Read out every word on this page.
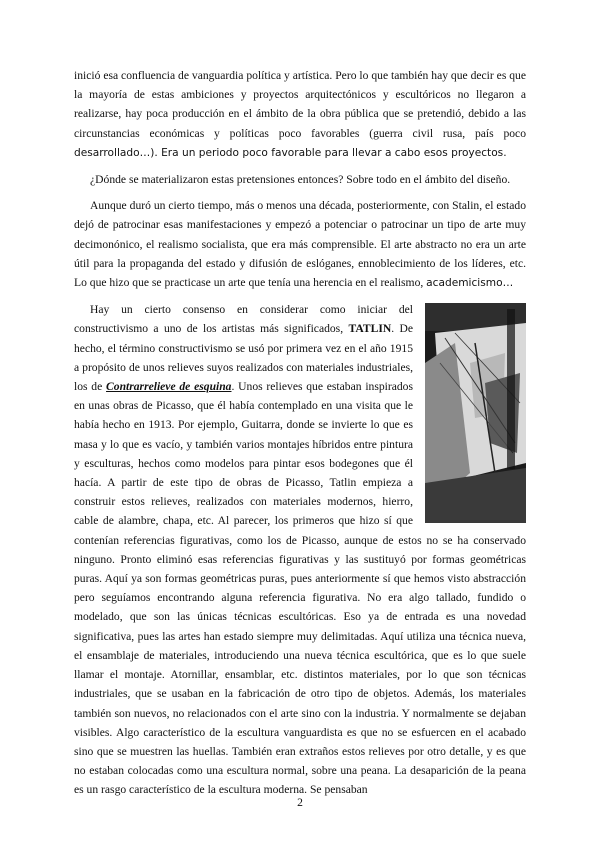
inició esa confluencia de vanguardia política y artística. Pero lo que también hay que decir es que la mayoría de estas ambiciones y proyectos arquitectónicos y escultóricos no llegaron a realizarse, hay poca producción en el ámbito de la obra pública que se pretendió, debido a las circunstancias económicas y políticas poco favorables (guerra civil rusa, país poco desarrollado…). Era un periodo poco favorable para llevar a cabo esos proyectos.

¿Dónde se materializaron estas pretensiones entonces? Sobre todo en el ámbito del diseño.

Aunque duró un cierto tiempo, más o menos una década, posteriormente, con Stalin, el estado dejó de patrocinar esas manifestaciones y empezó a potenciar o patrocinar un tipo de arte muy decimonónico, el realismo socialista, que era más comprensible. El arte abstracto no era un arte útil para la propaganda del estado y difusión de eslóganes, ennoblecimiento de los líderes, etc. Lo que hizo que se practicase un arte que tenía una herencia en el realismo, academicismo…

Hay un cierto consenso en considerar como iniciar del constructivismo a uno de los artistas más significados, TATLIN. De hecho, el término constructivismo se usó por primera vez en el año 1915 a propósito de unos relieves suyos realizados con materiales industriales, los de Contrarrelieve de esquina. Unos relieves que estaban inspirados en unas obras de Picasso, que él había contemplado en una visita que le había hecho en 1913. Por ejemplo, Guitarra, donde se invierte lo que es masa y lo que es vacío, y también varios montajes híbridos entre pintura y esculturas, hechos como modelos para pintar esos bodegones que él hacía. A partir de este tipo de obras de Picasso, Tatlin empieza a construir estos relieves, realizados con materiales modernos, hierro, cable de alambre, chapa, etc. Al parecer, los primeros que hizo sí que contenían referencias figurativas, como los de Picasso, aunque de estos no se ha conservado ninguno. Pronto eliminó esas referencias figurativas y las sustituyó por formas geométricas puras. Aquí ya son formas geométricas puras, pues anteriormente sí que hemos visto abstracción pero seguíamos encontrando alguna referencia figurativa. No era algo tallado, fundido o modelado, que son las únicas técnicas escultóricas. Eso ya de entrada es una novedad significativa, pues las artes han estado siempre muy delimitadas. Aquí utiliza una técnica nueva, el ensamblaje de materiales, introduciendo una nueva técnica escultórica, que es lo que suele llamar el montaje. Atornillar, ensamblar, etc. distintos materiales, por lo que son técnicas industriales, que se usaban en la fabricación de otro tipo de objetos. Además, los materiales también son nuevos, no relacionados con el arte sino con la industria. Y normalmente se dejaban visibles. Algo característico de la escultura vanguardista es que no se esfuercen en el acabado sino que se muestren las huellas. También eran extraños estos relieves por otro detalle, y es que no estaban colocadas como una escultura normal, sobre una peana. La desaparición de la peana es un rasgo característico de la escultura moderna. Se pensaban

2
